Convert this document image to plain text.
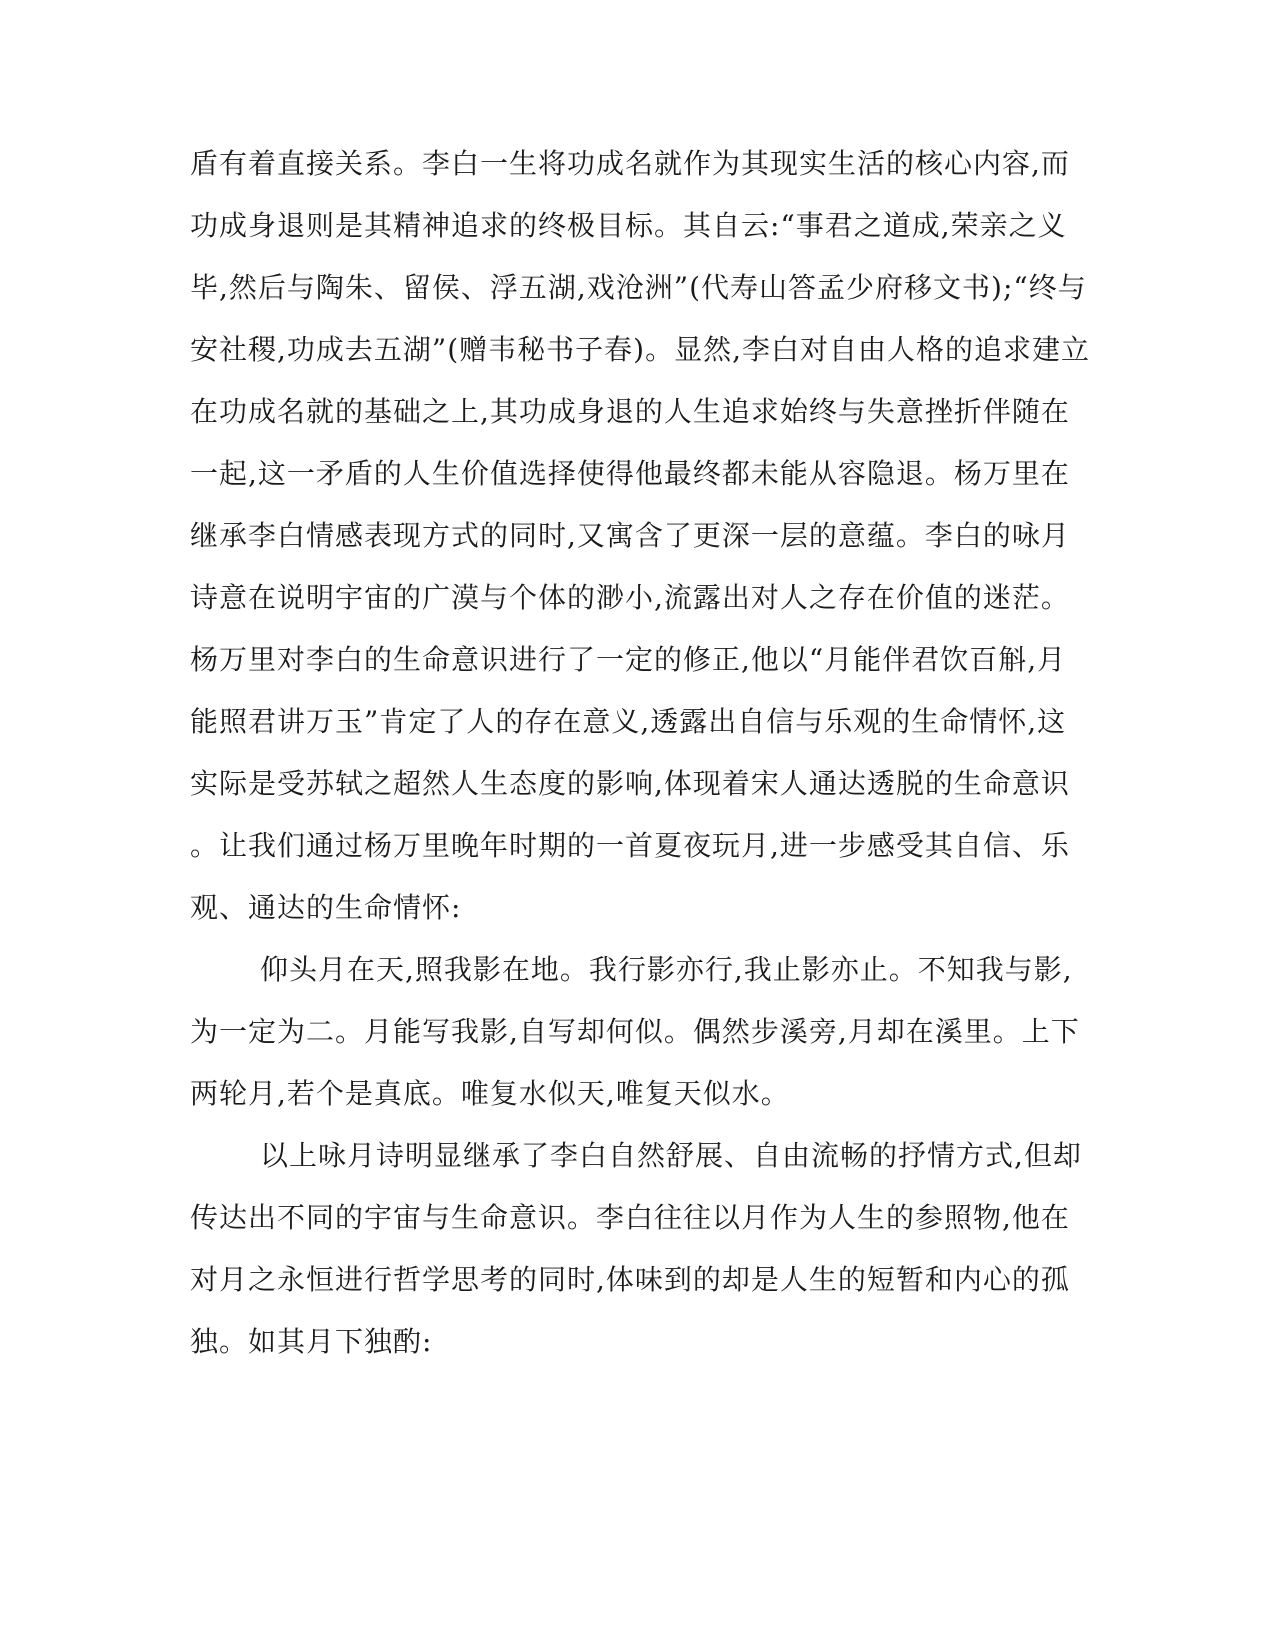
盾有着直接关系。李白一生将功成名就作为其现实生活的核心内容,而
功成身退则是其精神追求的终极目标。其自云:“事君之道成,荣亲之义
毕,然后与陶朱、留侯、浮五湖,戏沧洲”(代寿山答孟少府移文书);“终与
安社稷,功成去五湖”(赠韦秘书子春)。显然,李白对自由人格的追求建立
在功成名就的基础之上,其功成身退的人生追求始终与失意挫折伴随在
一起,这一矛盾的人生价值选择使得他最终都未能从容隐退。杨万里在
继承李白情感表现方式的同时,又寓含了更深一层的意蕴。李白的咏月
诗意在说明宇宙的广漠与个体的渺小,流露出对人之存在价值的迷茫。
杨万里对李白的生命意识进行了一定的修正,他以“月能伴君饮百斛,月
能照君讲万玉”肯定了人的存在意义,透露出自信与乐观的生命情怀,这
实际是受苏轼之超然人生态度的影响,体现着宋人通达透脱的生命意识
。让我们通过杨万里晚年时期的一首夏夜玩月,进一步感受其自信、乐
观、通达的生命情怀:

仰头月在天,照我影在地。我行影亦行,我止影亦止。不知我与影,
为一定为二。月能写我影,自写却何似。偶然步溪旁,月却在溪里。上下
两轮月,若个是真底。唯复水似天,唯复天似水。

以上咏月诗明显继承了李白自然舒展、自由流畅的抒情方式,但却
传达出不同的宇宙与生命意识。李白往往以月作为人生的参照物,他在
对月之永恒进行哲学思考的同时,体味到的却是人生的短暂和内心的孤
独。如其月下独酌:
